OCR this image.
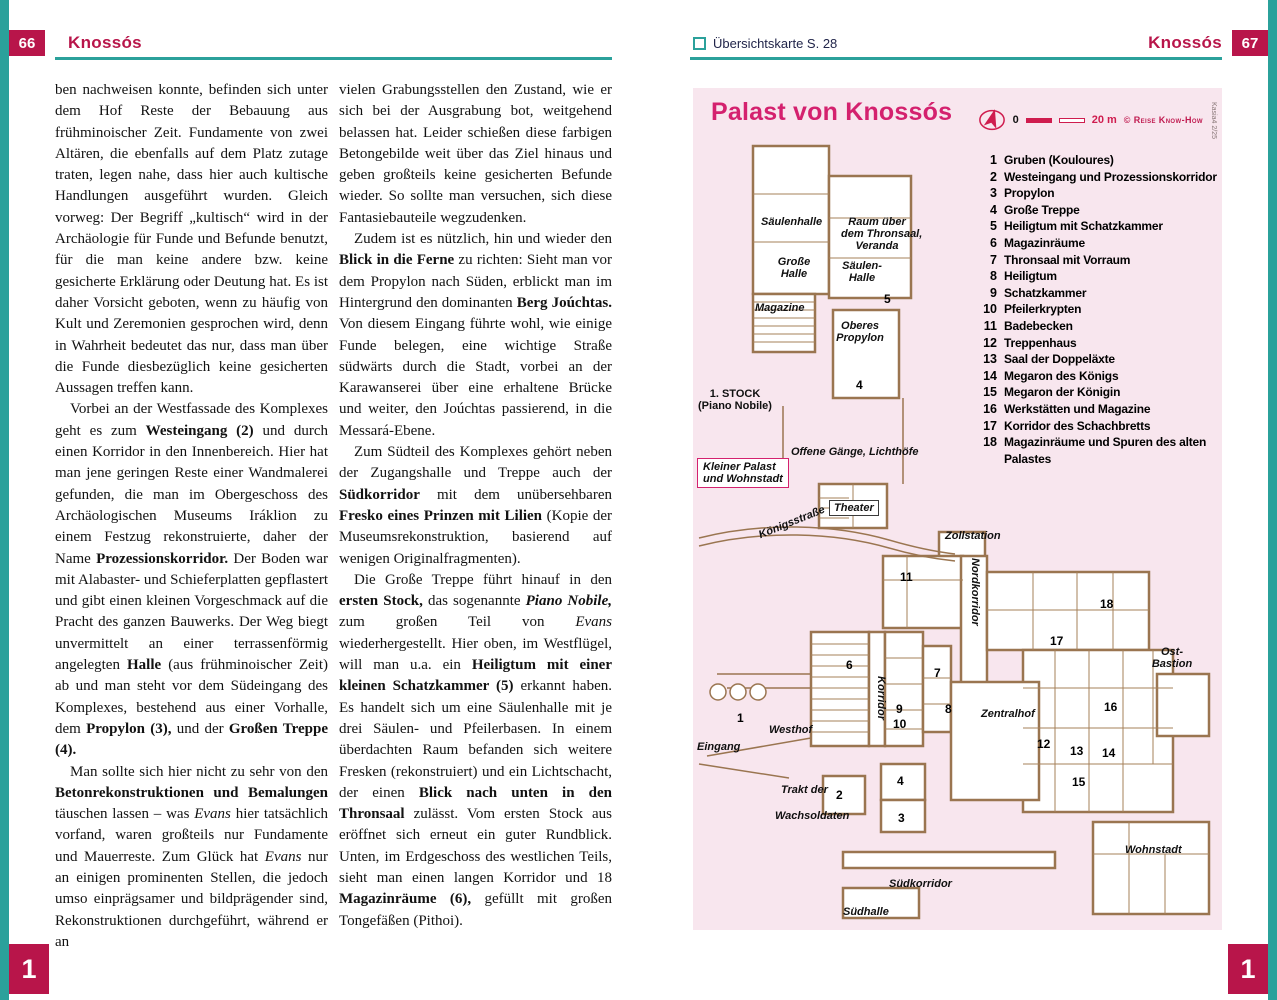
66	Knossós	Übersichtskarte S. 28	Knossós	67
1	1

ben nachweisen konnte, befinden sich unter dem Hof Reste der Bebauung aus frühminoischer Zeit. Fundamente von zwei Altären, die ebenfalls auf dem Platz zutage traten, legen nahe, dass hier auch kultische Handlungen ausgeführt wurden. Gleich vorweg: Der Begriff „kultisch“ wird in der Archäologie für Funde und Befunde benutzt, für die man keine andere bzw. keine gesicherte Erklärung oder Deutung hat. Es ist daher Vorsicht geboten, wenn zu häufig von Kult und Zeremonien gesprochen wird, denn in Wahrheit bedeutet das nur, dass man über die Funde diesbezüglich keine gesicherten Aussagen treffen kann.

Vorbei an der Westfassade des Komplexes geht es zum Westeingang (2) und durch einen Korridor in den Innenbereich. Hier hat man jene geringen Reste einer Wandmalerei gefunden, die man im Obergeschoss des Archäologischen Museums Iráklion zu einem Festzug rekonstruierte, daher der Name Prozessionskorridor. Der Boden war mit Alabaster- und Schieferplatten gepflastert und gibt einen kleinen Vorgeschmack auf die Pracht des ganzen Bauwerks. Der Weg biegt unvermittelt an einer terrassenförmig angelegten Halle (aus frühminoischer Zeit) ab und man steht vor dem Südeingang des Komplexes, bestehend aus einer Vorhalle, dem Propylon (3), und der Großen Treppe (4).

Man sollte sich hier nicht zu sehr von den Betonrekonstruktionen und Bemalungen täuschen lassen – was Evans hier tatsächlich vorfand, waren großteils nur Fundamente und Mauerreste. Zum Glück hat Evans nur an einigen prominenten Stellen, die jedoch umso einprägsamer und bildprägender sind, Rekonstruktionen durchgeführt, während er an

vielen Grabungsstellen den Zustand, wie er sich bei der Ausgrabung bot, weitgehend belassen hat. Leider schießen diese farbigen Betongebilde weit über das Ziel hinaus und geben großteils keine gesicherten Befunde wieder. So sollte man versuchen, sich diese Fantasiebauteile wegzudenken.

Zudem ist es nützlich, hin und wieder den Blick in die Ferne zu richten: Sieht man vor dem Propylon nach Süden, erblickt man im Hintergrund den dominanten Berg Joúchtas. Von diesem Eingang führte wohl, wie einige Funde belegen, eine wichtige Straße südwärts durch die Stadt, vorbei an der Karawanserei über eine erhaltene Brücke und weiter, den Joúchtas passierend, in die Messará-Ebene.

Zum Südteil des Komplexes gehört neben der Zugangshalle und Treppe auch der Südkorridor mit dem unübersehbaren Fresko eines Prinzen mit Lilien (Kopie der Museumsrekonstruktion, basierend auf wenigen Originalfragmenten).

Die Große Treppe führt hinauf in den ersten Stock, das sogenannte Piano Nobile, zum großen Teil von Evans wiederhergestellt. Hier oben, im Westflügel, will man u.a. ein Heiligtum mit einer kleinen Schatzkammer (5) erkannt haben. Es handelt sich um eine Säulenhalle mit je drei Säulen- und Pfeilerbasen. In einem überdachten Raum befanden sich weitere Fresken (rekonstruiert) und ein Lichtschacht, der einen Blick nach unten in den Thronsaal zulässt. Vom ersten Stock aus eröffnet sich erneut ein guter Rundblick. Unten, im Erdgeschoss des westlichen Teils, sieht man einen langen Korridor und 18 Magazinräume (6), gefüllt mit großen Tongefäßen (Pithoi).

Palast von Knossós	0	20 m © Reise Know-How Kasia4 2/25
1 Gruben (Kouloures)
2 Westeingang und Prozessionskorridor
3 Propylon
4 Große Treppe
5 Heiligtum mit Schatzkammer
6 Magazinräume
7 Thronsaal mit Vorraum
8 Heiligtum
9 Schatzkammer
10 Pfeilerkrypten
11 Badebecken
12 Treppenhaus
13 Saal der Doppeläxte
14 Megaron des Königs
15 Megaron der Königin
16 Werkstätten und Magazine
17 Korridor des Schachbretts
18 Magazinräume und Spuren des alten Palastes
Säulenhalle	Raum über
dem Thronsaal,
Veranda
Große
Halle
Säulen-
Halle
Magazine
Oberes
Propylon
1. STOCK
(Piano Nobile)
Offene Gänge, Lichthöfe
Kleiner Palast
und Wohnstadt
Theater
Königsstraße	Zollstation
Nordkorridor
Ost-
Bastion
Korridor	Zentralhof
Westhof
Eingang
Trakt der
Wachsoldaten
Wohnstadt
Südkorridor
Südhalle
5
4
11
18
17
6
7
16
8
9
10
12 13 14
15
1
2
4
3
